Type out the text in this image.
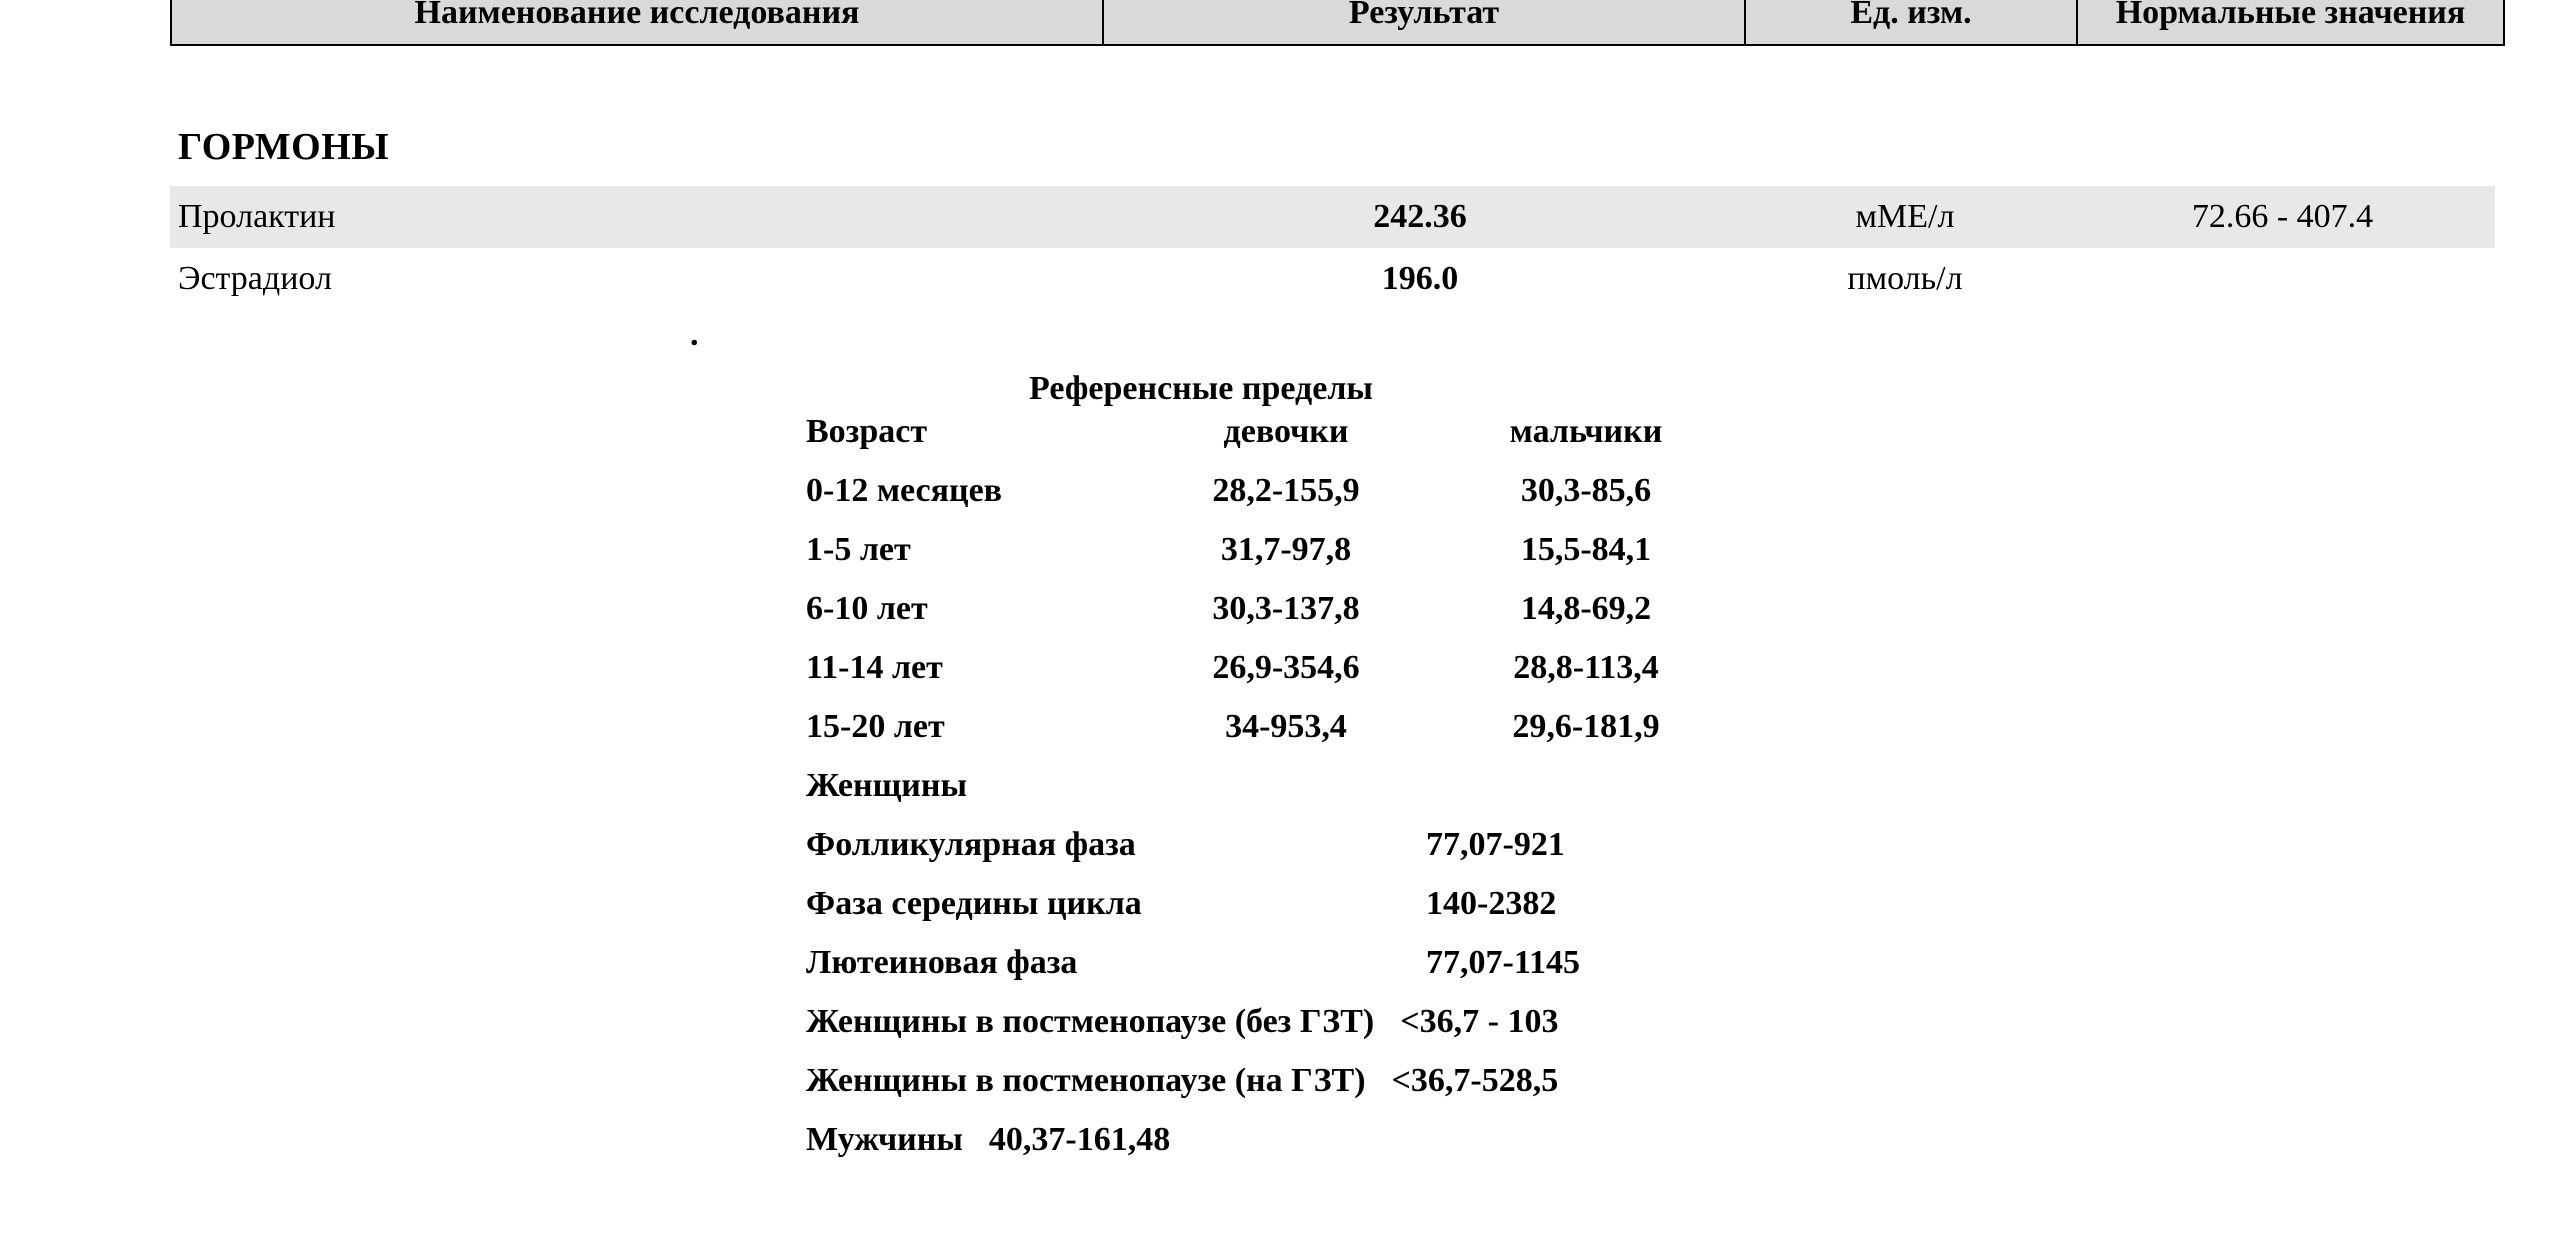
Наименование исследования	Результат	Ед. изм.	Нормальные значения
ГОРМОНЫ
Пролактин	242.36	мМЕ/л	72.66 - 407.4
Эстрадиол	196.0	пмоль/л
.
Референсные пределы
Возраст	девочки	мальчики
0-12 месяцев	28,2-155,9	30,3-85,6
1-5 лет	31,7-97,8	15,5-84,1
6-10 лет	30,3-137,8	14,8-69,2
11-14 лет	26,9-354,6	28,8-113,4
15-20 лет	34-953,4	29,6-181,9
Женщины
Фолликулярная фаза	77,07-921
Фаза середины цикла	140-2382
Лютеиновая фаза	77,07-1145
Женщины в постменопаузе (без ГЗТ) <36,7 - 103
Женщины в постменопаузе (на ГЗТ) <36,7-528,5
Мужчины 40,37-161,48
